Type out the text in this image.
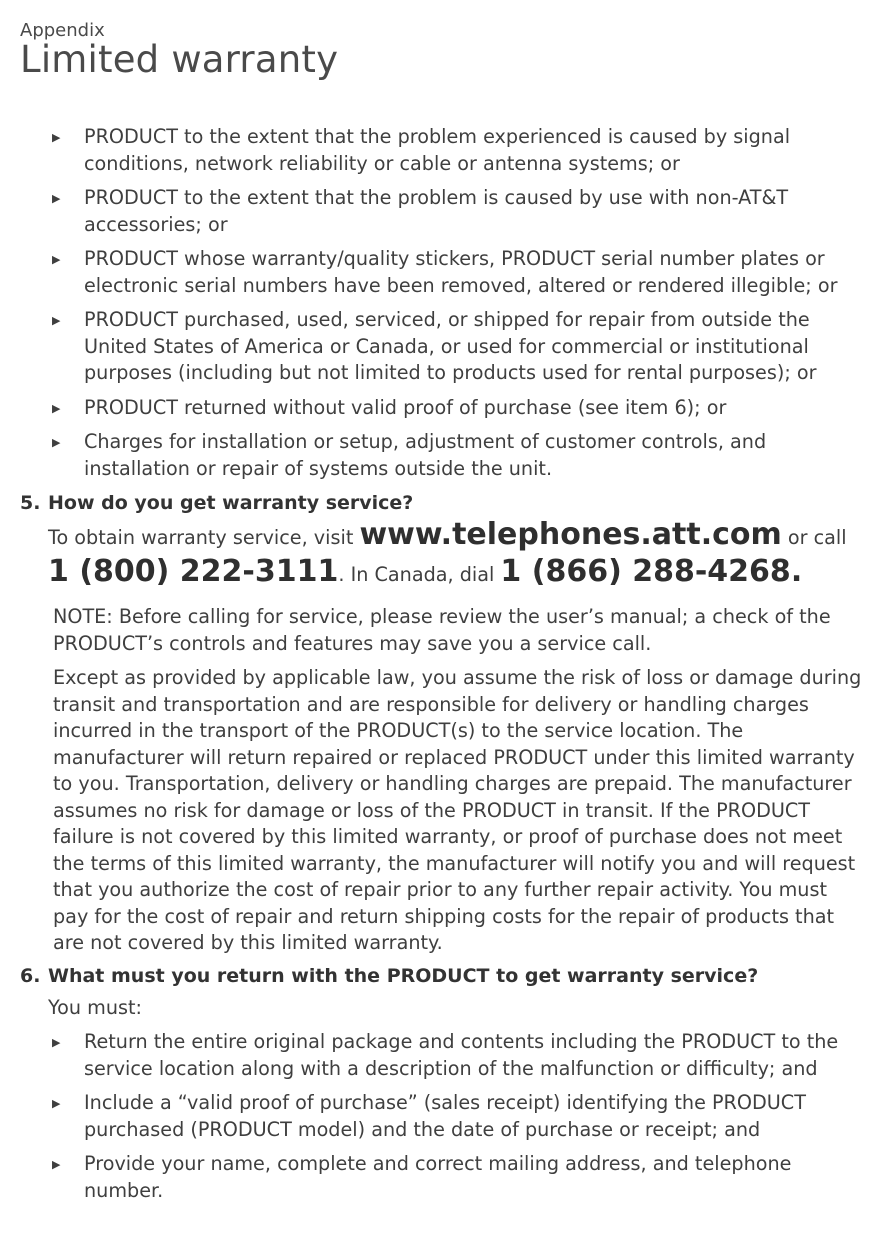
Appendix
Limited warranty
▶ PRODUCT to the extent that the problem experienced is caused by signal conditions, network reliability or cable or antenna systems; or
▶ PRODUCT to the extent that the problem is caused by use with non-AT&T accessories; or
▶ PRODUCT whose warranty/quality stickers, PRODUCT serial number plates or electronic serial numbers have been removed, altered or rendered illegible; or
▶ PRODUCT purchased, used, serviced, or shipped for repair from outside the United States of America or Canada, or used for commercial or institutional purposes (including but not limited to products used for rental purposes); or
▶ PRODUCT returned without valid proof of purchase (see item 6); or
▶ Charges for installation or setup, adjustment of customer controls, and installation or repair of systems outside the unit.
5. How do you get warranty service?
To obtain warranty service, visit www.telephones.att.com or call
1 (800) 222-3111. In Canada, dial 1 (866) 288-4268.
NOTE: Before calling for service, please review the user’s manual; a check of the PRODUCT’s controls and features may save you a service call.
Except as provided by applicable law, you assume the risk of loss or damage during transit and transportation and are responsible for delivery or handling charges incurred in the transport of the PRODUCT(s) to the service location. The manufacturer will return repaired or replaced PRODUCT under this limited warranty to you. Transportation, delivery or handling charges are prepaid. The manufacturer assumes no risk for damage or loss of the PRODUCT in transit. If the PRODUCT failure is not covered by this limited warranty, or proof of purchase does not meet the terms of this limited warranty, the manufacturer will notify you and will request that you authorize the cost of repair prior to any further repair activity. You must pay for the cost of repair and return shipping costs for the repair of products that are not covered by this limited warranty.
6. What must you return with the PRODUCT to get warranty service?
You must:
▶ Return the entire original package and contents including the PRODUCT to the service location along with a description of the malfunction or difficulty; and
▶ Include a “valid proof of purchase” (sales receipt) identifying the PRODUCT purchased (PRODUCT model) and the date of purchase or receipt; and
▶ Provide your name, complete and correct mailing address, and telephone number.
